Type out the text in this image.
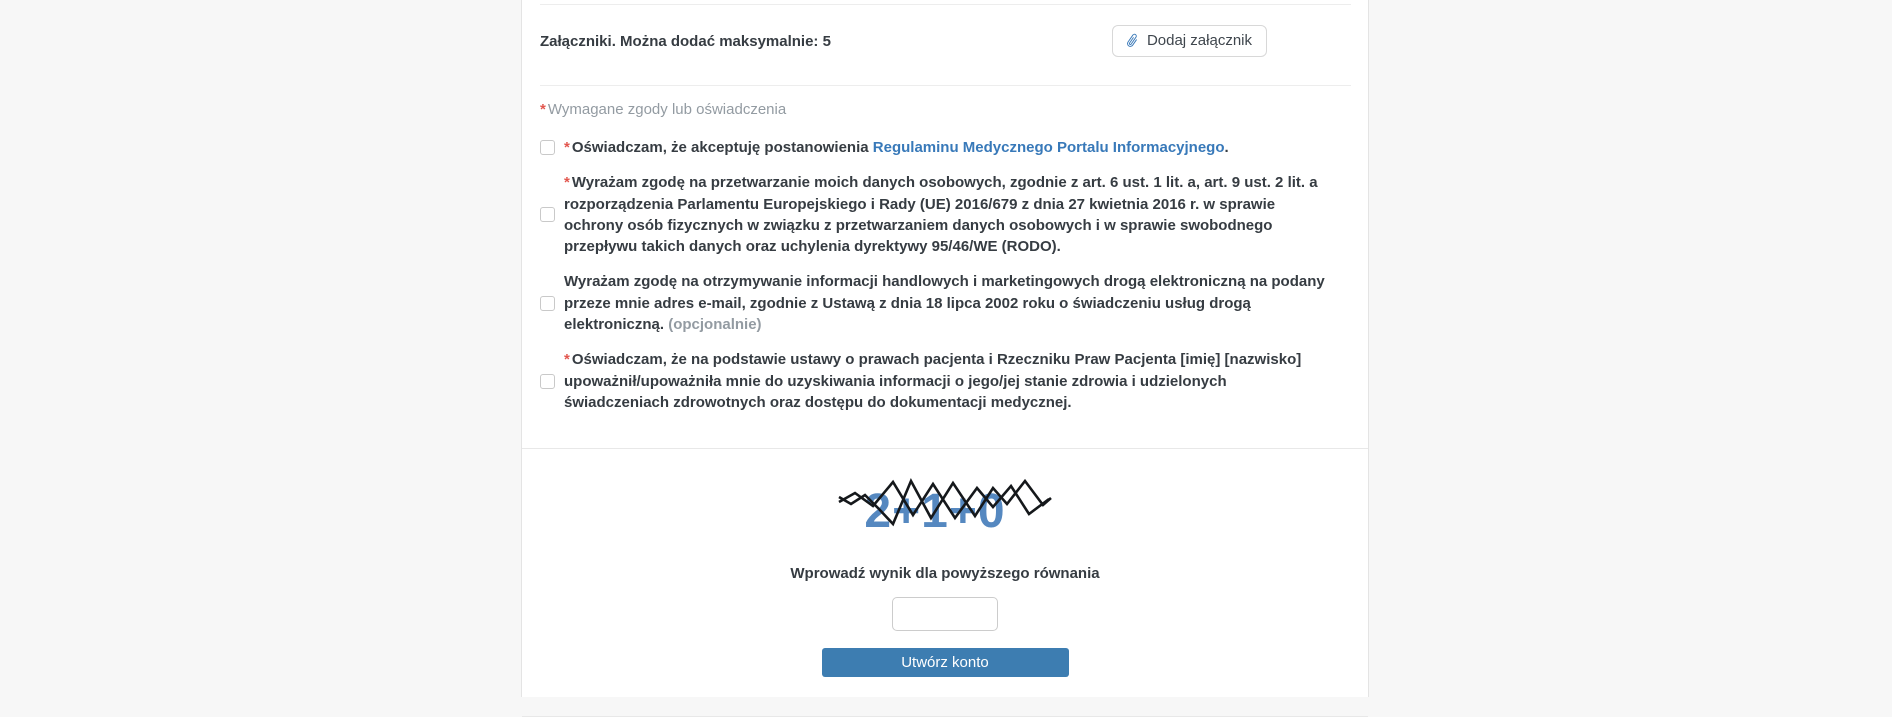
Załączniki. Można dodać maksymalnie: 5	Dodaj załącznik
* Wymagane zgody lub oświadczenia
* Oświadczam, że akceptuję postanowienia Regulaminu Medycznego Portalu Informacyjnego.
* Wyrażam zgodę na przetwarzanie moich danych osobowych, zgodnie z art. 6 ust. 1 lit. a, art. 9 ust. 2 lit. a rozporządzenia Parlamentu Europejskiego i Rady (UE) 2016/679 z dnia 27 kwietnia 2016 r. w sprawie ochrony osób fizycznych w związku z przetwarzaniem danych osobowych i w sprawie swobodnego przepływu takich danych oraz uchylenia dyrektywy 95/46/WE (RODO).
Wyrażam zgodę na otrzymywanie informacji handlowych i marketingowych drogą elektroniczną na podany przeze mnie adres e-mail, zgodnie z Ustawą z dnia 18 lipca 2002 roku o świadczeniu usług drogą elektroniczną. (opcjonalnie)
* Oświadczam, że na podstawie ustawy o prawach pacjenta i Rzeczniku Praw Pacjenta [imię] [nazwisko] upoważnił/upoważniła mnie do uzyskiwania informacji o jego/jej stanie zdrowia i udzielonych świadczeniach zdrowotnych oraz dostępu do dokumentacji medycznej.
2+1+0
Wprowadź wynik dla powyższego równania
Utwórz konto
